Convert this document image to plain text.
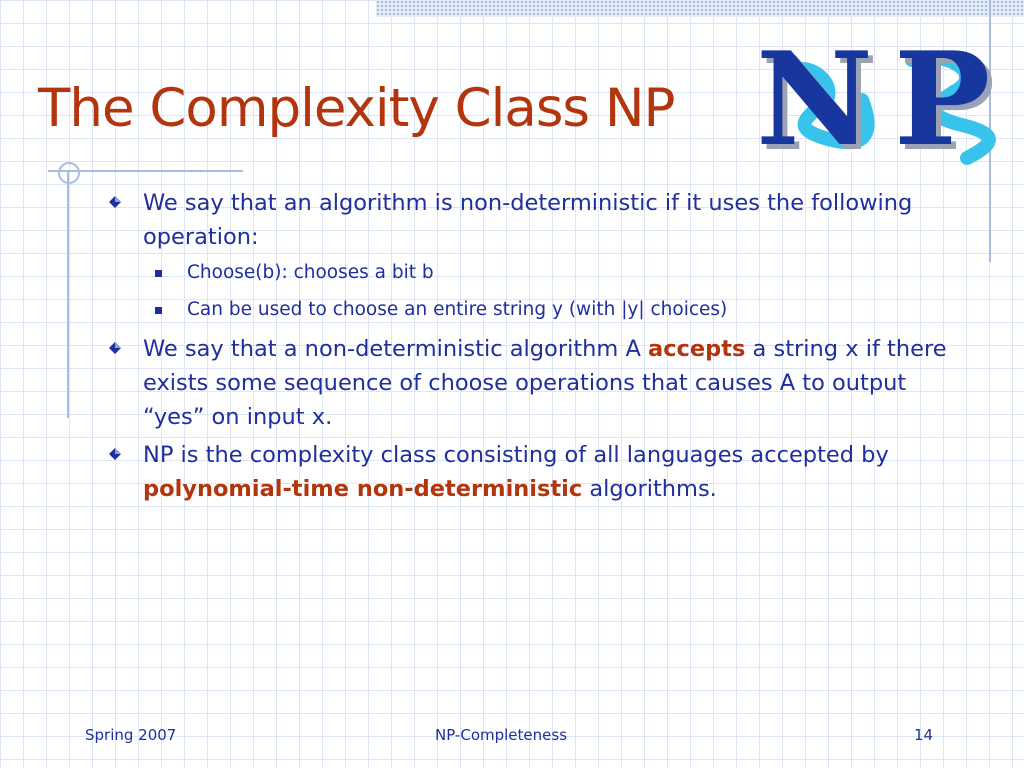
The Complexity Class NP N P
We say that an algorithm is non-deterministic if it uses the following operation:
Choose(b): chooses a bit b
Can be used to choose an entire string y (with |y| choices)
We say that a non-deterministic algorithm A accepts a string x if there exists some sequence of choose operations that causes A to output “yes” on input x.
NP is the complexity class consisting of all languages accepted by polynomial-time non-deterministic algorithms.
Spring 2007	NP-Completeness	14
